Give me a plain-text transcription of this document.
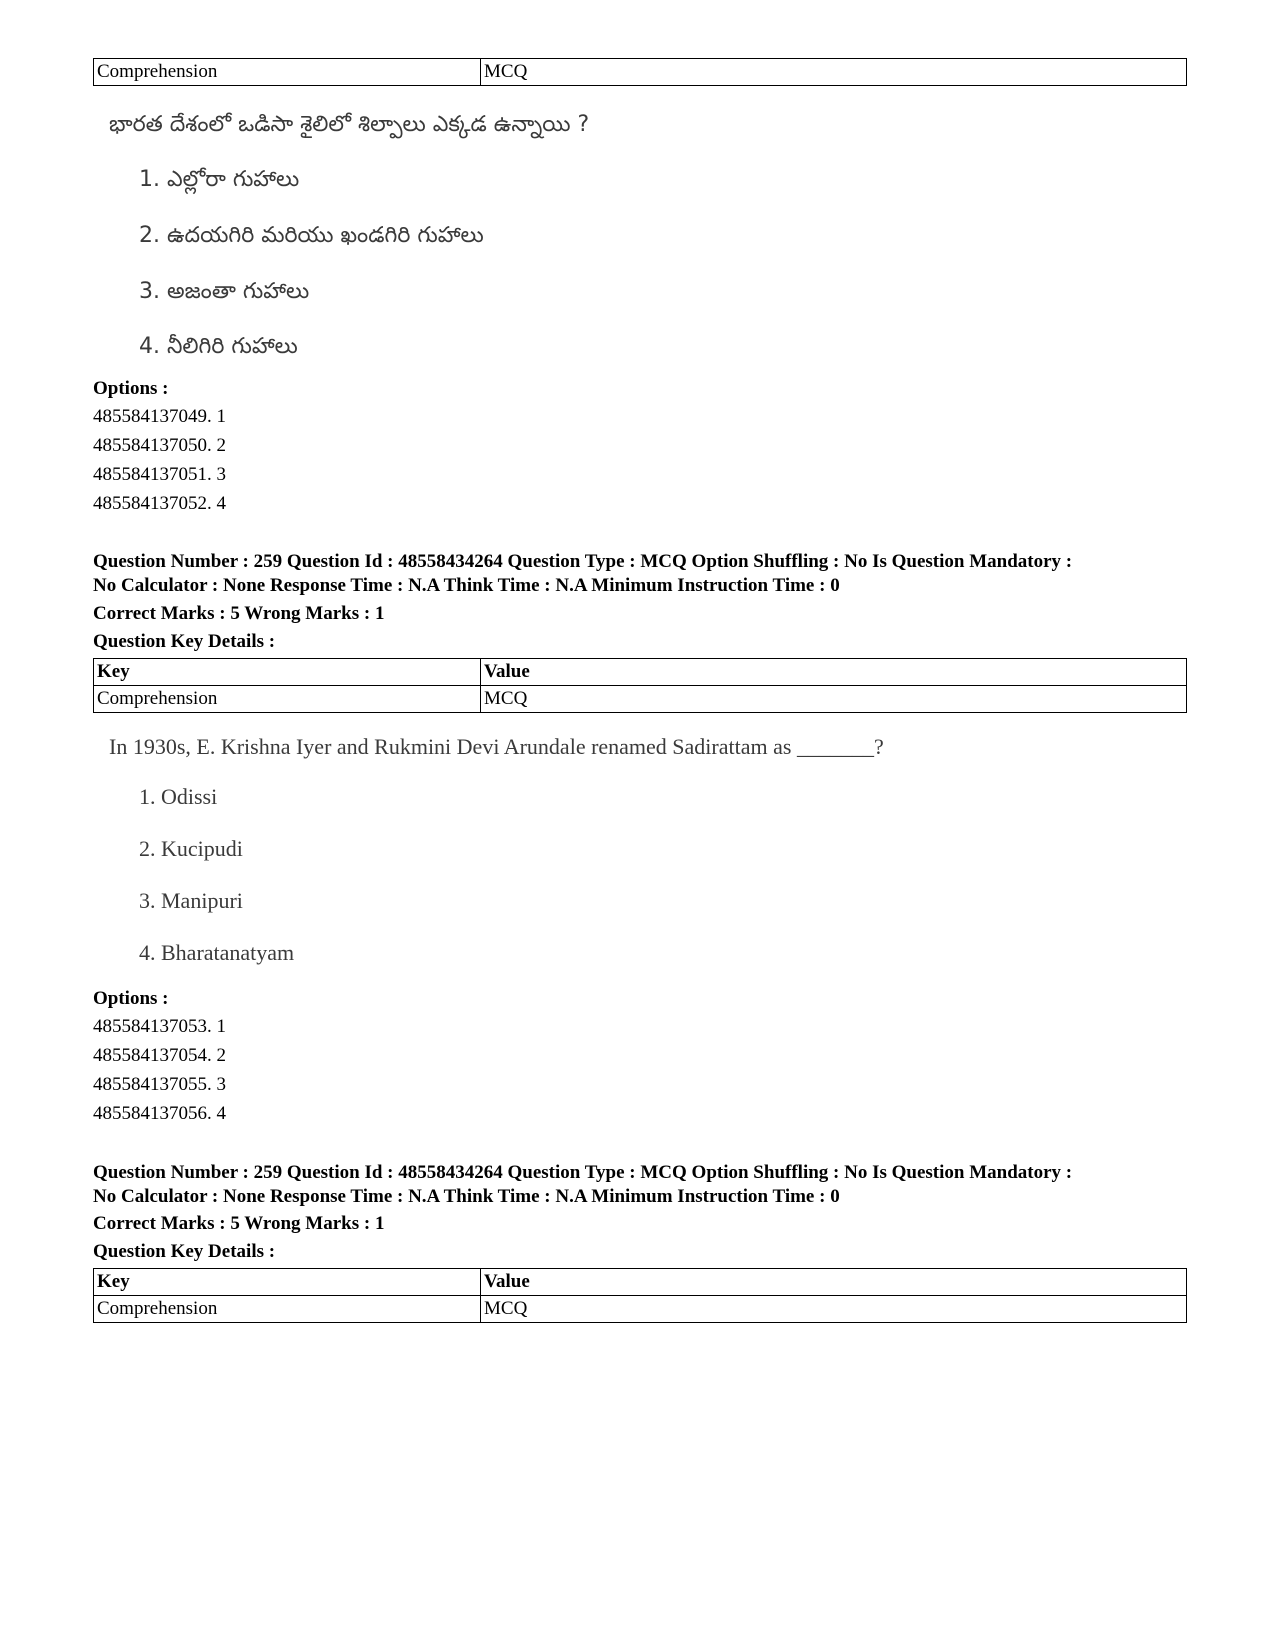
Comprehension	MCQ
భారత దేశంలో ఒడిసా శైలిలో శిల్పాలు ఎక్కడ ఉన్నాయి ?
1. ఎల్లోరా గుహాలు
2. ఉదయగిరి మరియు ఖండగిరి గుహాలు
3. అజంతా గుహాలు
4. నీలిగిరి గుహాలు
Options :
485584137049. 1
485584137050. 2
485584137051. 3
485584137052. 4
Question Number : 259 Question Id : 48558434264 Question Type : MCQ Option Shuffling : No Is Question Mandatory :
No Calculator : None Response Time : N.A Think Time : N.A Minimum Instruction Time : 0
Correct Marks : 5 Wrong Marks : 1
Question Key Details :
Key	Value
Comprehension	MCQ
In 1930s, E. Krishna Iyer and Rukmini Devi Arundale renamed Sadirattam as _______?
1. Odissi
2. Kucipudi
3. Manipuri
4. Bharatanatyam
Options :
485584137053. 1
485584137054. 2
485584137055. 3
485584137056. 4
Question Number : 259 Question Id : 48558434264 Question Type : MCQ Option Shuffling : No Is Question Mandatory :
No Calculator : None Response Time : N.A Think Time : N.A Minimum Instruction Time : 0
Correct Marks : 5 Wrong Marks : 1
Question Key Details :
Key	Value
Comprehension	MCQ
